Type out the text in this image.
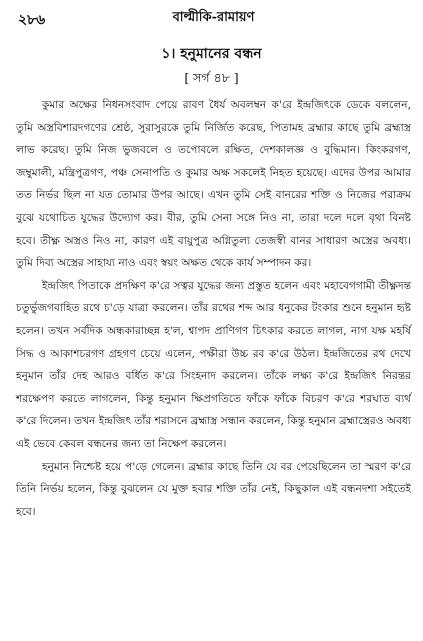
২৮৬	বাল্মীকি-রামায়ণ
১। হনুমানের বন্ধন
[ সর্গ ৪৮ ]

কুমার অক্ষের নিধনসংবাদ পেয়ে রাবণ ধৈর্য অবলম্বন ক'রে ইন্দ্রজিৎকে ডেকে বললেন, তুমি অস্ত্রবিশারদগণের শ্রেষ্ঠ, সুরাসুরকে তুমি নির্জিত করেছ, পিতামহ ব্রহ্মার কাছে তুমি ব্রহ্মাস্ত্র লাভ করেছ। তুমি নিজ ভুজবলে ও তপোবলে রক্ষিত, দেশকালজ্ঞ ও বুদ্ধিমান। কিংকরগণ, জম্বুমালী, মন্ত্রিপুত্রগণ, পঞ্চ সেনাপতি ও কুমার অক্ষ সকলেই নিহত হয়েছে। এদের উপর আমার তত নির্ভর ছিল না যত তোমার উপর আছে। এখন তুমি সেই বানরের শক্তি ও নিজের পরাক্রম বুঝে যথোচিত যুদ্ধের উদ্যোগ কর। বীর, তুমি সেনা সঙ্গে নিও না, তারা দলে দলে বৃথা বিনষ্ট হবে। তীক্ষ্ণ অস্ত্রও নিও না, কারণ এই বায়ুপুত্র অগ্নিতুল্য তেজস্বী বানর সাধারণ অস্ত্রের অবধ্য। তুমি দিব্য অস্ত্রের সাহায্য নাও এবং স্বয়ং অক্ষত থেকে কার্য সম্পাদন কর।

ইন্দ্রজিৎ পিতাকে প্রদক্ষিণ ক'রে সত্বর যুদ্ধের জন্য প্রস্তুত হলেন এবং মহাবেগগামী তীক্ষ্ণদন্ত চতুর্ভুজগবাহিত রথে চ'ড়ে যাত্রা করলেন। তাঁর রথের শব্দ আর ধনুকের টংকার শুনে হনুমান হৃষ্ট হলেন। তখন সর্বদিক অন্ধকারাচ্ছন্ন হ'ল, শ্বাপদ প্রাণিগণ চিৎকার করতে লাগল, নাগ যক্ষ মহর্ষি সিদ্ধ ও আকাশচরগণ গ্রহগণ চেয়ে এলেন, পক্ষীরা উচ্চ রব ক'রে উঠল। ইন্দ্রজিতের রথ দেখে হনুমান তাঁর দেহ আরও বর্ধিত ক'রে সিংহনাদ করলেন। তাঁকে লক্ষ্য ক'রে ইন্দ্রজিৎ নিরন্তর শরক্ষেপণ করতে লাগলেন, কিন্তু হনুমান ক্ষিপ্রগতিতে ফাঁকে ফাঁকে বিচরণ ক'রে শরঘাত ব্যর্থ ক'রে দিলেন। তখন ইন্দ্রজিৎ তাঁর শরাসনে ব্রহ্মাস্ত্র সন্ধান করলেন, কিন্তু হনুমান ব্রহ্মাস্ত্রেরও অবধ্য এই ভেবে কেবল বন্ধনের জন্য তা নিক্ষেপ করলেন।

হনুমান নিশ্চেষ্ট হয়ে প'ড়ে গেলেন। ব্রহ্মার কাছে তিনি যে বর পেয়েছিলেন তা স্মরণ ক'রে তিনি নির্ভয় হলেন, কিন্তু বুঝলেন যে মুক্ত হবার শক্তি তাঁর নেই, কিছুকাল এই বন্ধনদশা সইতেই হবে।
